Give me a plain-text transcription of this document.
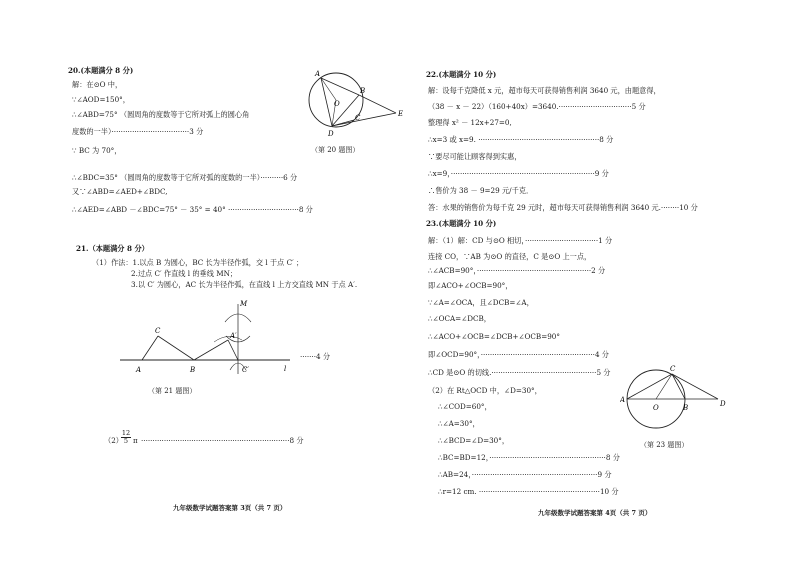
20.(本题满分 8 分)
解：在⊙O 中，
∵∠AOD=150°，
∴∠ABD=75° （圆周角的度数等于它所对弧上的圆心角
度数的一半）··································3 分
∵ BC 为 70°，
∴∠BDC=35° （圆周角的度数等于它所对弧的度数的一半）··········6 分
又∵∠ABD=∠AED+∠BDC,
∴∠AED=∠ABD －∠BDC=75° － 35° = 40° ·······························8 分
A
B
C
D
E
O
（第 20 题图）
21.（本题满分 8 分）
（1）作法：1.以点 B 为圆心，BC 长为半径作弧，交 l 于点 C′ ；
2.过点 C′ 作直线 l 的垂线 MN；
3.以 C′ 为圆心，AC 长为半径作弧，在直线 l 上方交直线 MN 于点 A′.
A
C
B	C′
A′
M
l
·······4 分
（第 21 题图）
（2）
$\frac{12}{5}$ π ·································································8 分
九年级数学试题答案第 3页（共 7 页）
22.(本题满分 10 分)
解：设每千克降低 x 元，超市每天可获得销售利润 3640 元，由题意得，
（38 － x － 22）（160+40x）=3640.································5 分
整理得 x² － 12x+27=0,
∴x=3 或 x=9. ·····················································8 分
∵要尽可能让顾客得到实惠，
∴x=9，·······························································9 分
∴售价为 38 － 9=29 元/千克．
答：水果的销售价为每千克 29 元时，超市每天可获得销售利润 3640 元.········10 分
23.(本题满分 10 分)
解：（1）解：CD 与⊙O 相切，································1 分
连接 CO，∵AB 为⊙O 的直径，C 是⊙O 上一点，
∴∠ACB=90°，··················································2 分
即∠ACO+∠OCB=90°，
∵∠A=∠OCA，且∠DCB=∠A，
∴∠OCA=∠DCB，
∴∠ACO+∠OCB=∠DCB+∠OCB=90°
即∠OCD=90°，··················································4 分
∴CD 是⊙O 的切线.··············································5 分
（2）在 Rt△OCD 中，∠D=30°，
∴∠COD=60°，
∴∠A=30°，
∴∠BCD=∠D=30°，
∴BC=BD=12，···················································8 分
∴AB=24，·······················································9 分
∴r=12 cm. ·····················································10 分
A
O	B
C
D
（第 23 题图）
九年级数学试题答案第 4页（共 7 页）
